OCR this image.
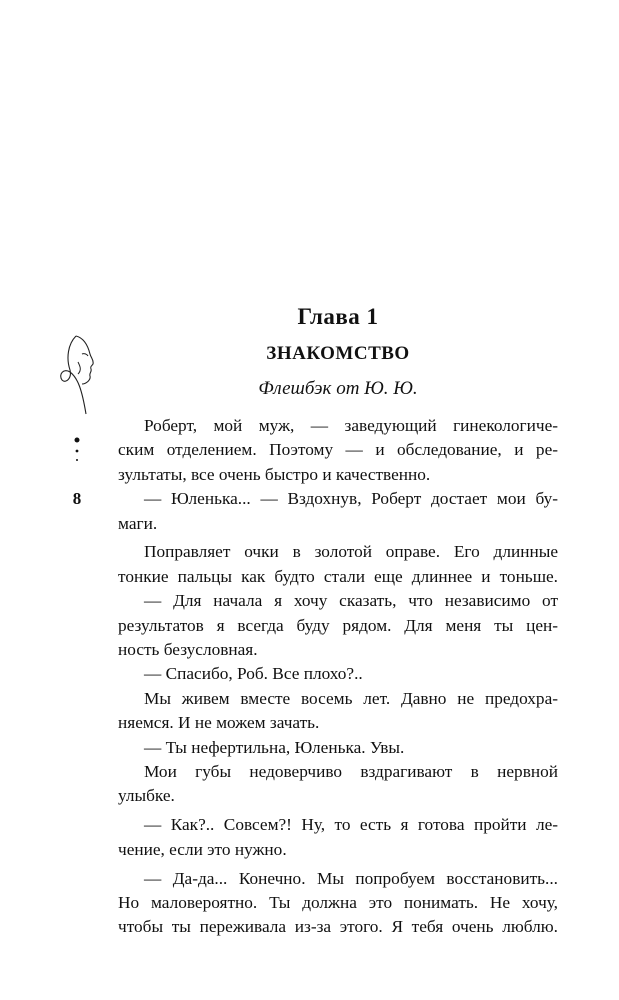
Глава 1
ЗНАКОМСТВО
Флешбэк от Ю. Ю.
8
Роберт, мой муж, — заведующий гинекологиче-
ским отделением. Поэтому — и обследование, и ре-
зультаты, все очень быстро и качественно.
— Юленька... — Вздохнув, Роберт достает мои бу-
маги.
Поправляет очки в золотой оправе. Его длинные
тонкие пальцы как будто стали еще длиннее и тоньше.
— Для начала я хочу сказать, что независимо от
результатов я всегда буду рядом. Для меня ты цен-
ность безусловная.
— Спасибо, Роб. Все плохо?..
Мы живем вместе восемь лет. Давно не предохра-
няемся. И не можем зачать.
— Ты нефертильна, Юленька. Увы.
Мои губы недоверчиво вздрагивают в нервной
улыбке.
— Как?.. Совсем?! Ну, то есть я готова пройти ле-
чение, если это нужно.
— Да-да... Конечно. Мы попробуем восстановить...
Но маловероятно. Ты должна это понимать. Не хочу,
чтобы ты переживала из-за этого. Я тебя очень люблю.
